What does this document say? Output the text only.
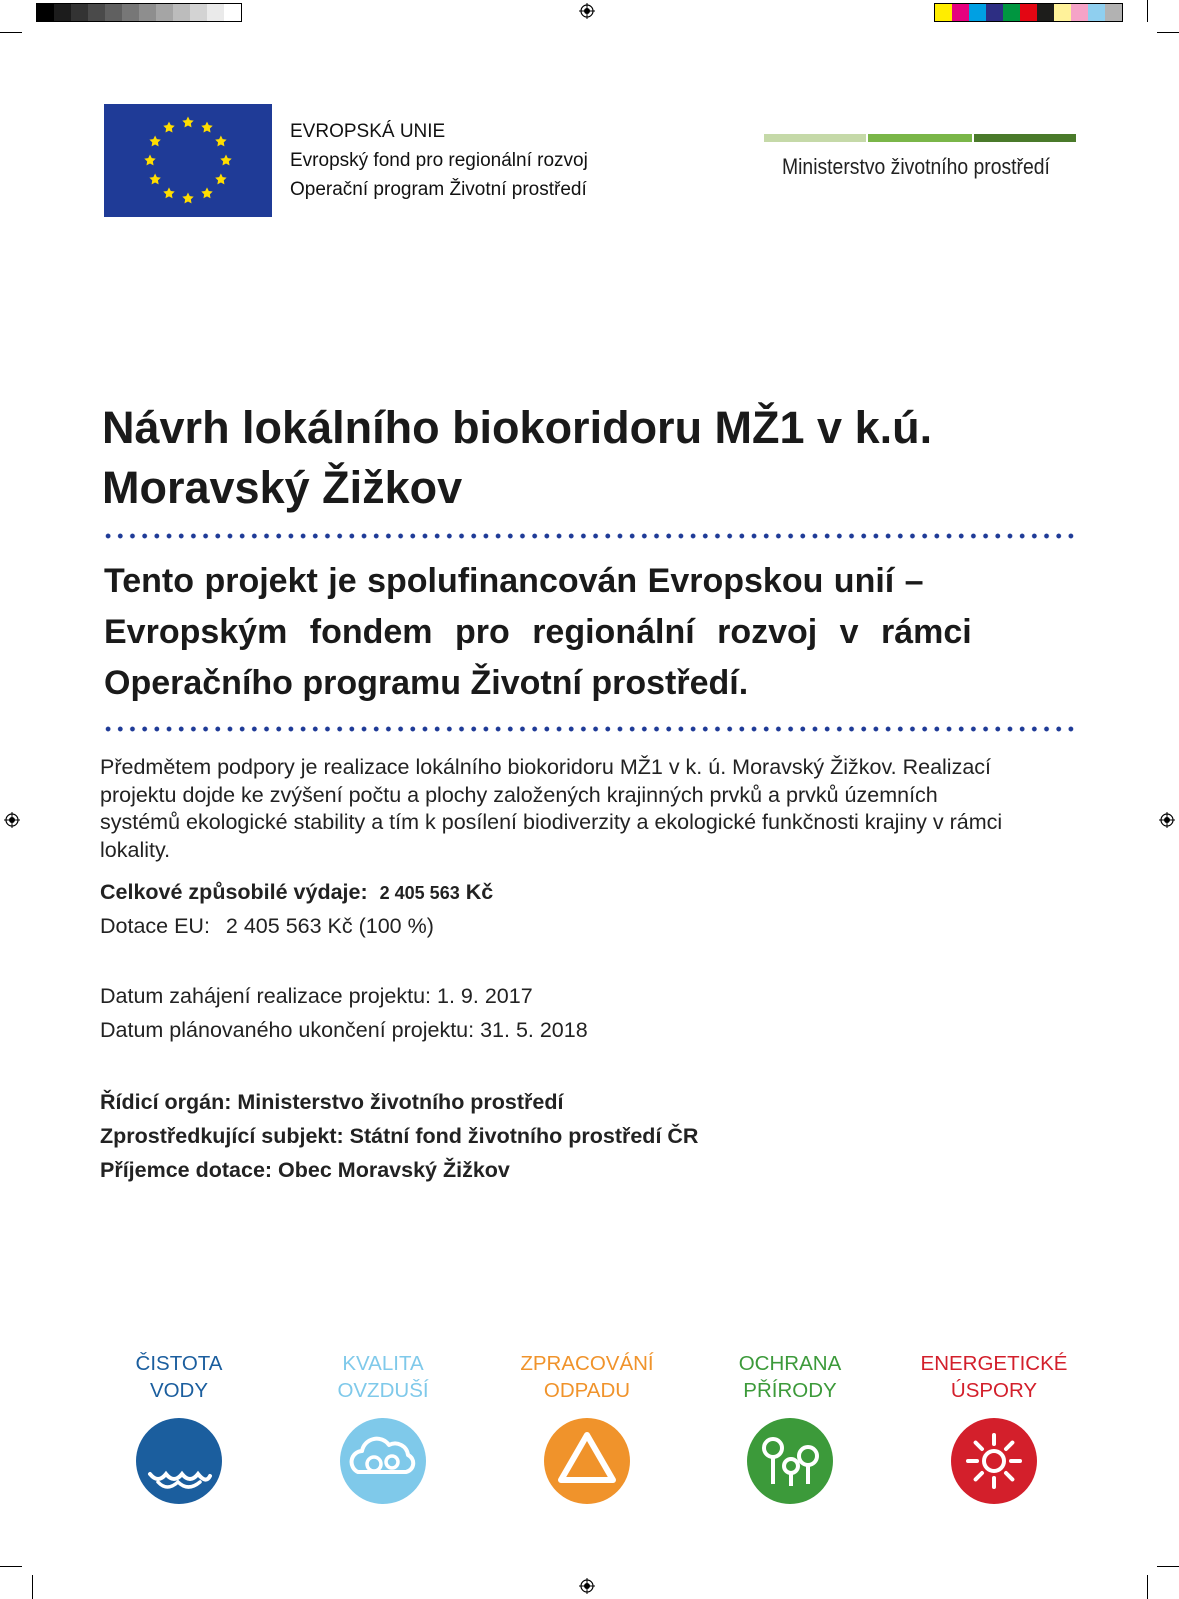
EVROPSKÁ UNIE
Evropský fond pro regionální rozvoj
Operační program Životní prostředí
Ministerstvo životního prostředí
Návrh lokálního biokoridoru MŽ1 v k.ú.
Moravský Žižkov
Tento projekt je spolufinancován Evropskou unií –
Evropským fondem pro regionální rozvoj v rámci
Operačního programu Životní prostředí.
Předmětem podpory je realizace lokálního biokoridoru MŽ1 v k. ú. Moravský Žižkov. Realizací
projektu dojde ke zvýšení počtu a plochy založených krajinných prvků a prvků územních
systémů ekologické stability a tím k posílení biodiverzity a ekologické funkčnosti krajiny v rámci
lokality.
Celkové způsobilé výdaje: 2 405 563 Kč
Dotace EU: 2 405 563 Kč (100 %)
Datum zahájení realizace projektu: 1. 9. 2017
Datum plánovaného ukončení projektu: 31. 5. 2018
Řídicí orgán: Ministerstvo životního prostředí
Zprostředkující subjekt: Státní fond životního prostředí ČR
Příjemce dotace: Obec Moravský Žižkov
ČISTOTA
VODY
KVALITA
OVZDUŠÍ
ZPRACOVÁNÍ
ODPADU
OCHRANA
PŘÍRODY
ENERGETICKÉ
ÚSPORY
